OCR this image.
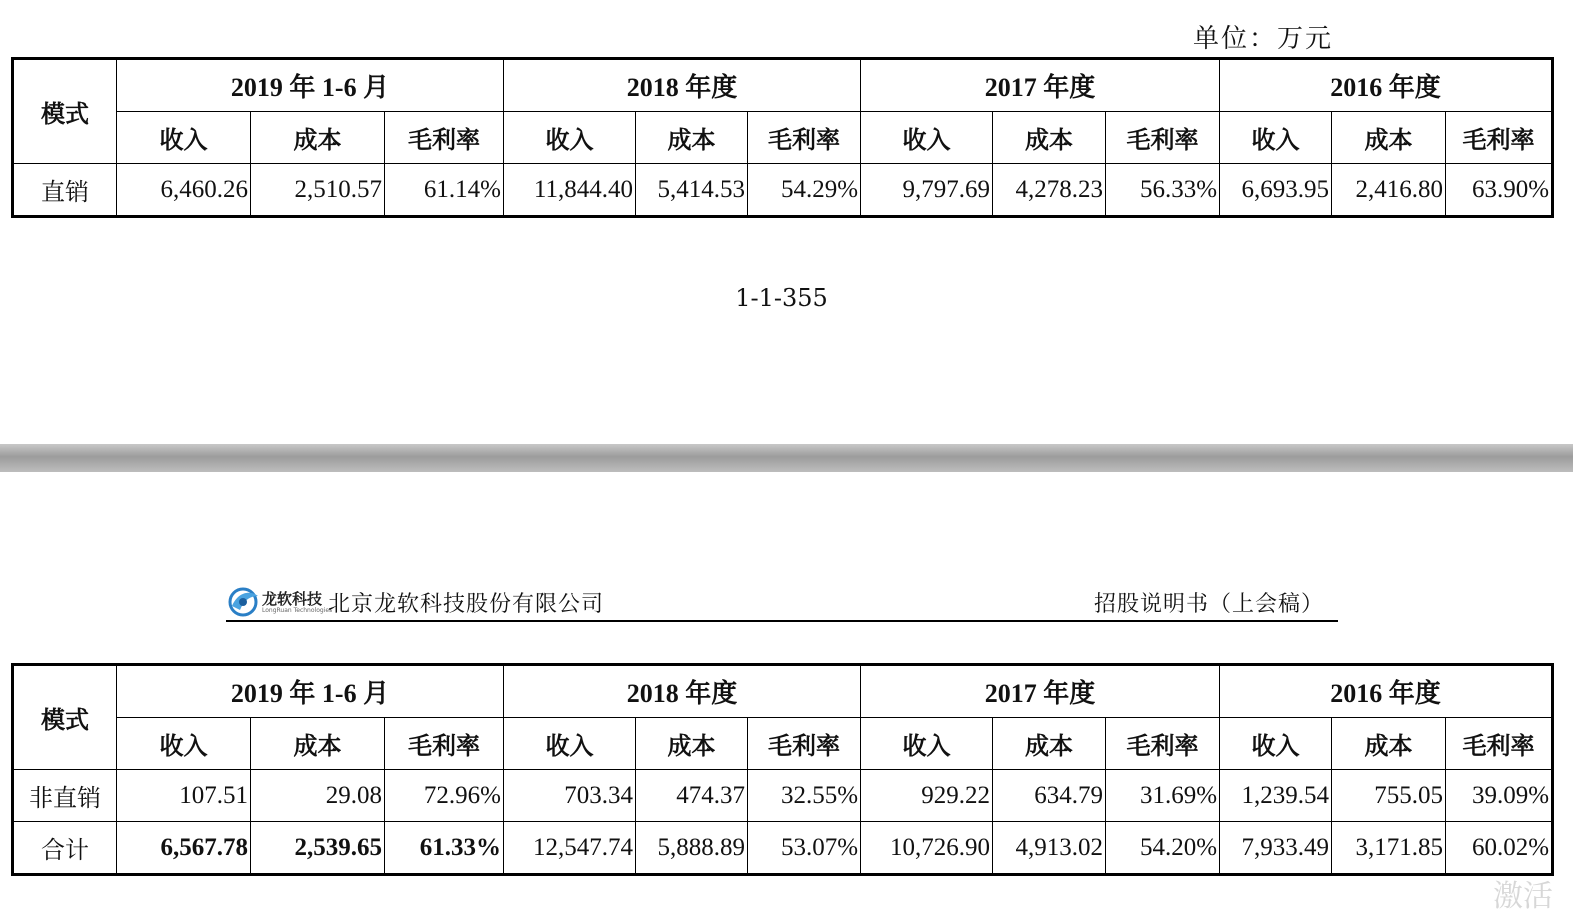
单位：万元
模式	2019 年 1-6 月			2018 年度			2017 年度			2016 年度		
	收入	成本	毛利率	收入	成本	毛利率	收入	成本	毛利率	收入	成本	毛利率
直销	6,460.26	2,510.57	61.14%	11,844.40	5,414.53	54.29%	9,797.69	4,278.23	56.33%	6,693.95	2,416.80	63.90%
1-1-355
龙软科技
LongRuan Technologies
北京龙软科技股份有限公司	招股说明书（上会稿）
模式	2019 年 1-6 月			2018 年度			2017 年度			2016 年度		
	收入	成本	毛利率	收入	成本	毛利率	收入	成本	毛利率	收入	成本	毛利率
非直销	107.51	29.08	72.96%	703.34	474.37	32.55%	929.22	634.79	31.69%	1,239.54	755.05	39.09%
合计	6,567.78	2,539.65	61.33%	12,547.74	5,888.89	53.07%	10,726.90	4,913.02	54.20%	7,933.49	3,171.85	60.02%
激活
